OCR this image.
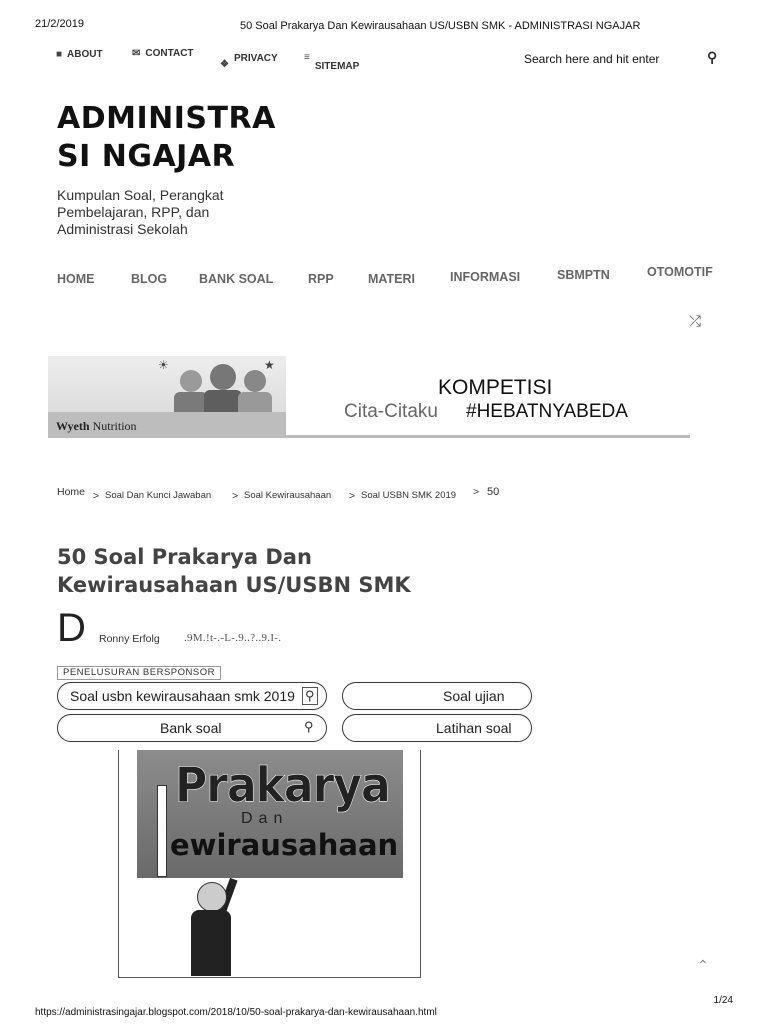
21/2/2019	50 Soal Prakarya Dan Kewirausahaan US/USBN SMK - ADMINISTRASI NGAJAR
■ ABOUT	✉ CONTACT
❖
PRIVACY	≡
SITEMAP	Search here and hit enter	⚲
ADMINISTRA
SI NGAJAR
Kumpulan Soal, Perangkat Pembelajaran, RPP, dan Administrasi Sekolah
HOME	BLOG	BANK SOAL	RPP	MATERI	INFORMASI	SBMPTN	OTOMOTIF
⤮
☀	★
Wyeth Nutrition
KOMPETISI
Cita-Citaku #HEBATNYABEDA
Home > Soal Dan Kunci Jawaban > Soal Kewirausahaan > Soal USBN SMK 2019	> 50
50 Soal Prakarya Dan Kewirausahaan US/USBN SMK
D Ronny Erfolg .9M.!t-.-L-.9..?..9.I-.
PENELUSURAN BERSPONSOR
Soal usbn kewirausahaan smk 2019 ⚲	Soal ujian
Bank soal	⚲	Latihan soal
Prakarya
Dan
ewirausahaan
⌃
https://administrasingajar.blogspot.com/2018/10/50-soal-prakarya-dan-kewirausahaan.html
1/24
